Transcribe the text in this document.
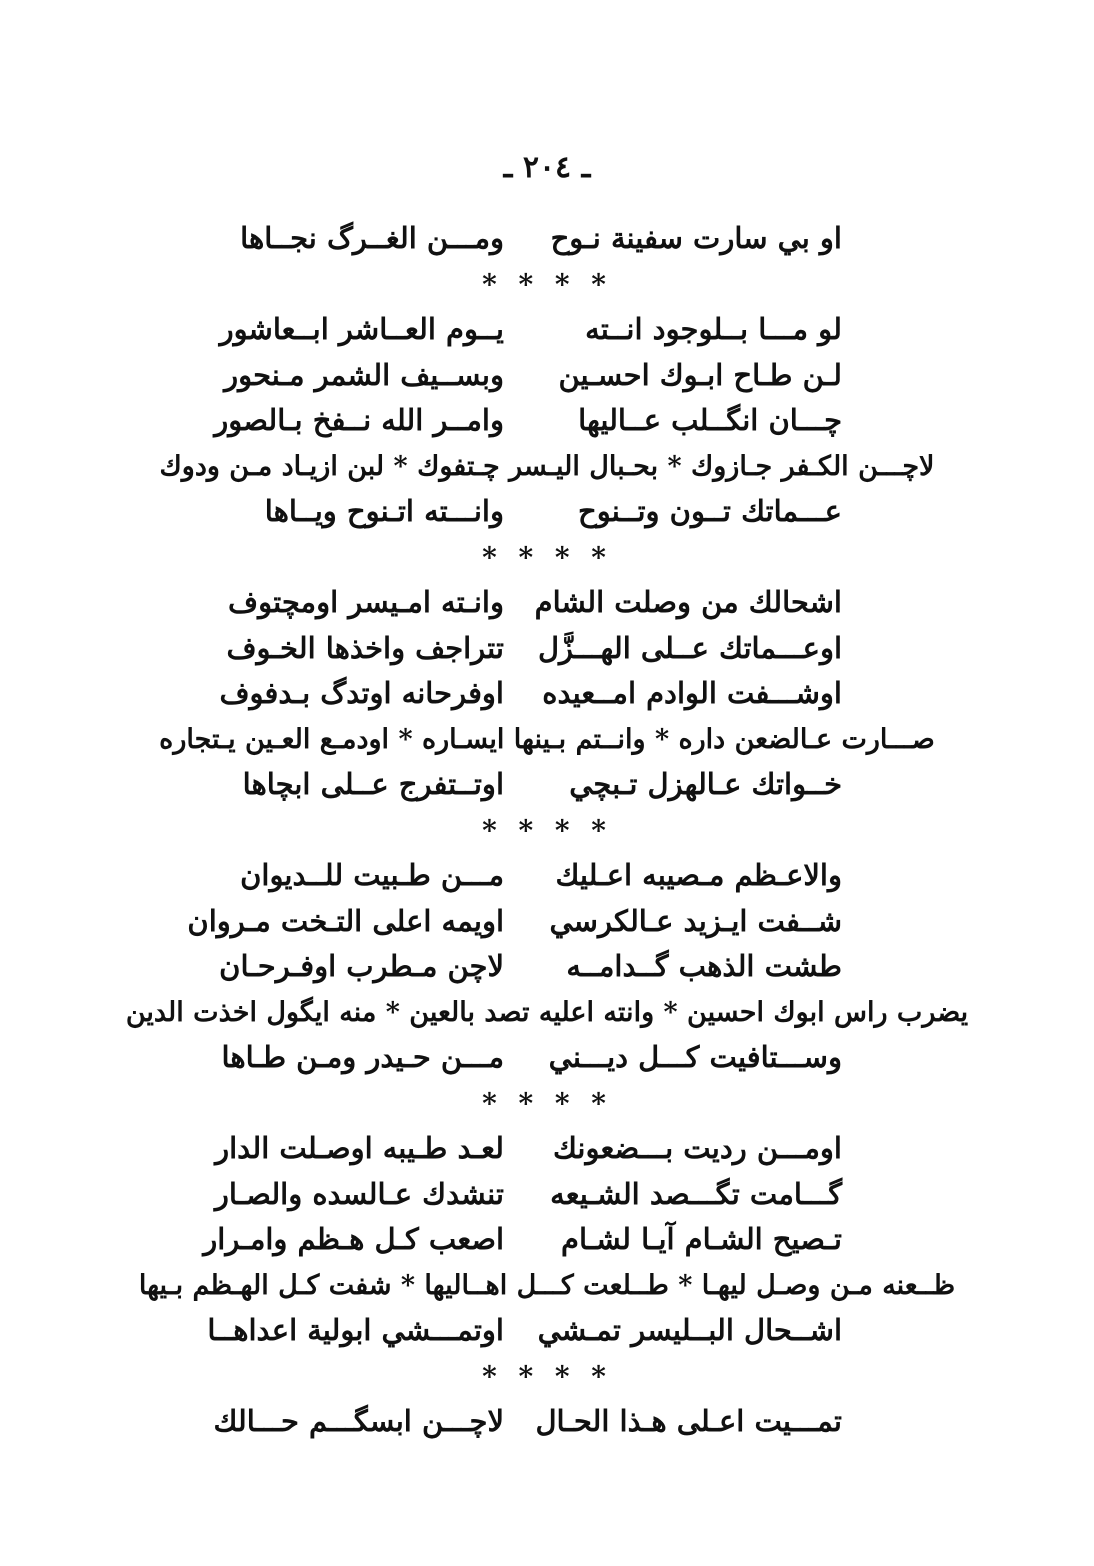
ـ ٢٠٤ ـ
او بي سارت سفينة نـوح
ومـــن الغــرگ نجــاها
* * * *
لو مـــا بــلوجود انــته
يــوم العــاشر ابــعاشور
لـن طـاح ابـوك احسـين
وبســيف الشمر مـنحور
چـــان انگــلب عــاليها
وامــر الله نــفخ بـالصور
لاچـــن الكـفر جـازوك * بحـبال اليـسر چـتفوك * لبن ازيـاد مـن ودوك
عـــماتك تــون وتــنوح
وانـــته اتـنوح ويــاها
* * * *
اشحالك من وصلت الشام
وانـته امـيسر اومچتوف
اوعـــماتك عــلى الهـــزَّل
تتراجف واخذها الخـوف
اوشـــفت الوادم امــعيده
اوفرحانه اوتدگ بـدفوف
صـــارت عـالضعن داره * وانــتم بـينها ايسـاره * اودمـع العـين يـتجاره
خــواتك عـالهزل تـبچي
اوتــتفرج عــلى ابچاها
* * * *
والاعـظم مـصيبه اعـليك
مـــن طـبيت للــديوان
شــفت ايـزيد عـالكرسي
اويمه اعلى التـخت مـروان
طشت الذهب گــدامــه
لاچن مـطرب اوفـرحـان
يضرب راس ابوك احسين * وانته اعليه تصد بالعين * منه ايگول اخذت الدين
وســـتافيت كـــل ديـــني
مـــن حـيدر ومـن طـاها
* * * *
اومـــن رديت بـــضعونك
لعـد طـيبه اوصـلت الدار
گـــامت تگـــصد الشـيعه
تنشدك عـالسده والصـار
تـصيح الشـام آيـا لشـام
اصعب كـل هـظم وامـرار
ظــعنه مـن وصـل ليهـا * طــلعت كـــل اهــاليها * شفت كـل الهـظم بـيها
اشــحال البــليسر تمـشي
اوتمـــشي ابولية اعداهــا
* * * *
تمـــيت اعـلى هـذا الحـال
لاچـــن ابسگـــم حـــالك
